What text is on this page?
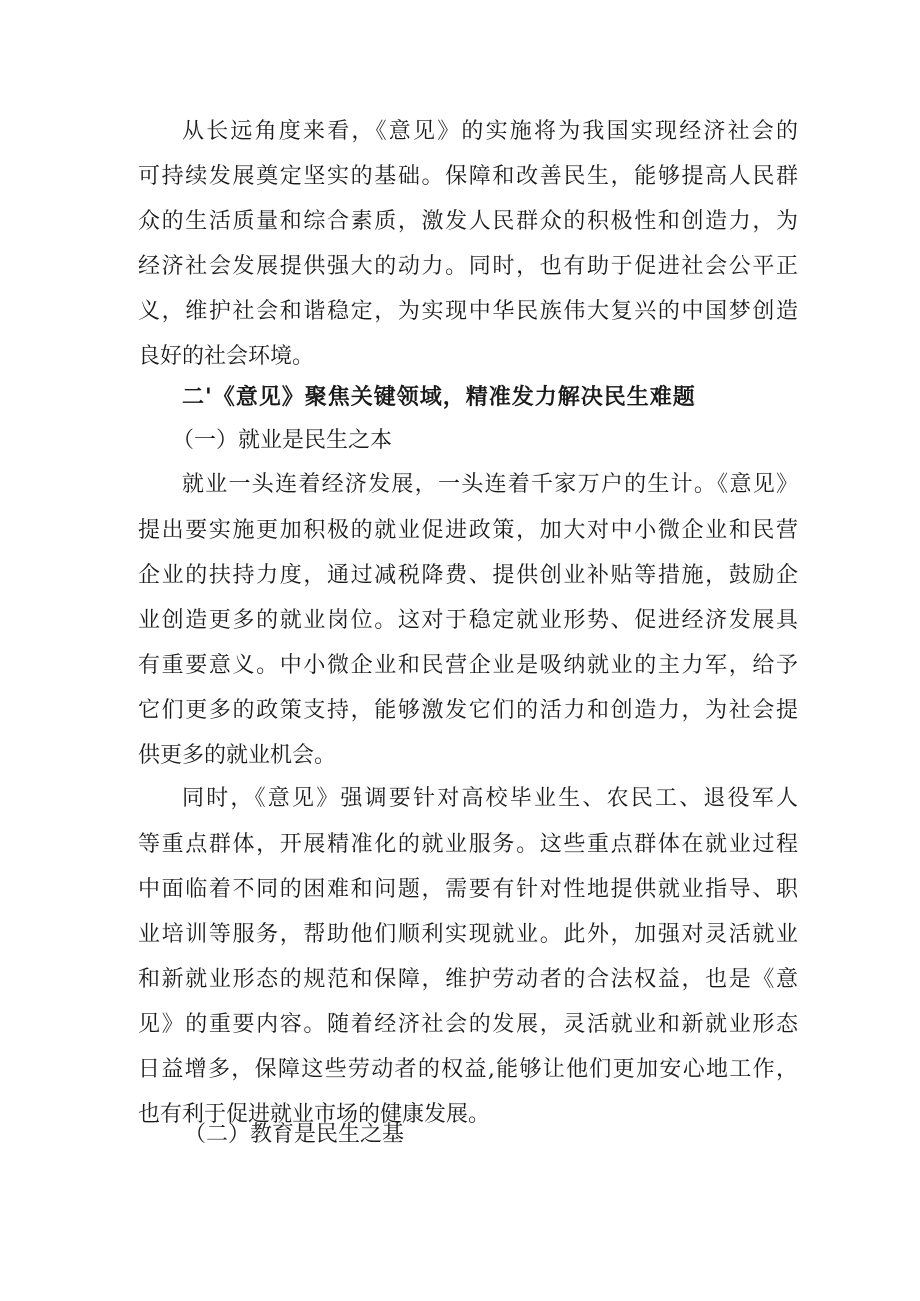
从长远角度来看，《意见》的实施将为我国实现经济社会的
可持续发展奠定坚实的基础。保障和改善民生，能够提高人民群
众的生活质量和综合素质，激发人民群众的积极性和创造力，为
经济社会发展提供强大的动力。同时，也有助于促进社会公平正
义，维护社会和谐稳定，为实现中华民族伟大复兴的中国梦创造
良好的社会环境。
二'《意见》聚焦关键领域，精准发力解决民生难题
（一）就业是民生之本
就业一头连着经济发展，一头连着千家万户的生计。《意见》
提出要实施更加积极的就业促进政策，加大对中小微企业和民营
企业的扶持力度，通过减税降费、提供创业补贴等措施，鼓励企
业创造更多的就业岗位。这对于稳定就业形势、促进经济发展具
有重要意义。中小微企业和民营企业是吸纳就业的主力军，给予
它们更多的政策支持，能够激发它们的活力和创造力，为社会提
供更多的就业机会。
同时，《意见》强调要针对高校毕业生、农民工、退役军人
等重点群体，开展精准化的就业服务。这些重点群体在就业过程
中面临着不同的困难和问题，需要有针对性地提供就业指导、职
业培训等服务，帮助他们顺利实现就业。此外，加强对灵活就业
和新就业形态的规范和保障，维护劳动者的合法权益，也是《意
见》的重要内容。随着经济社会的发展，灵活就业和新就业形态
日益增多，保障这些劳动者的权益,能够让他们更加安心地工作，
也有利于促进就业市场的健康发展。
（二）教育是民生之基
